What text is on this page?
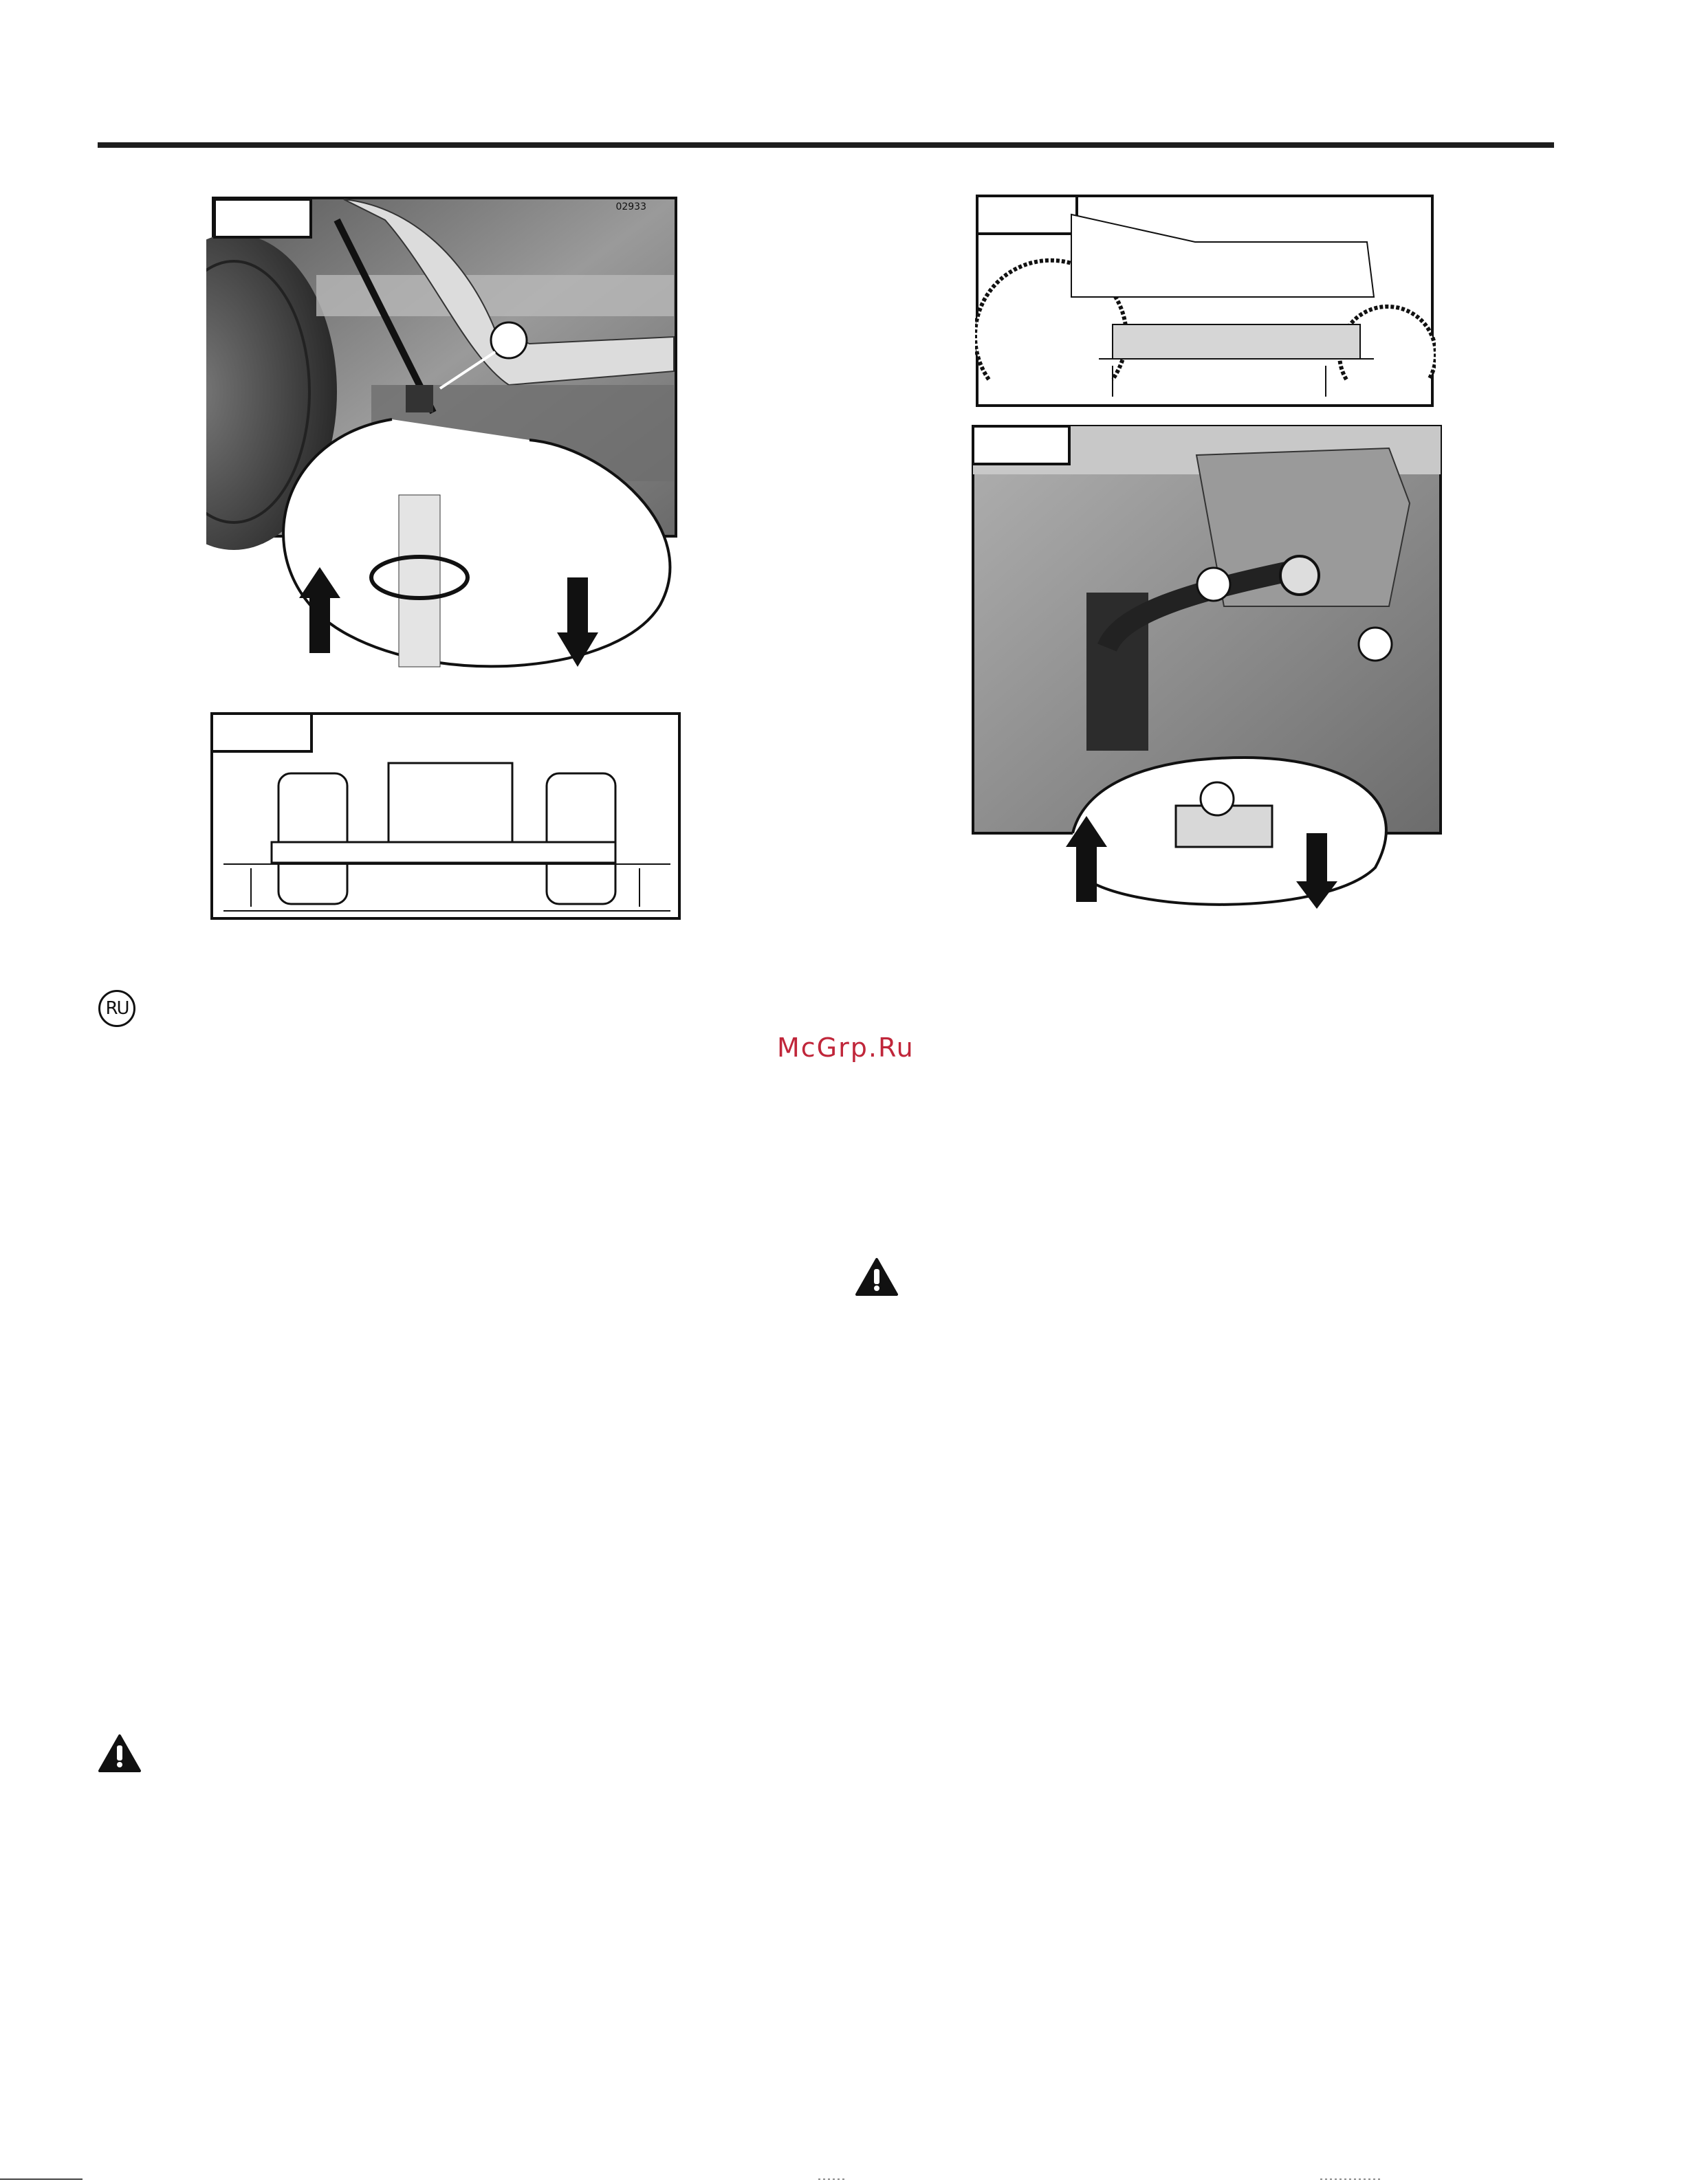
02933
RU
McGrp.Ru
